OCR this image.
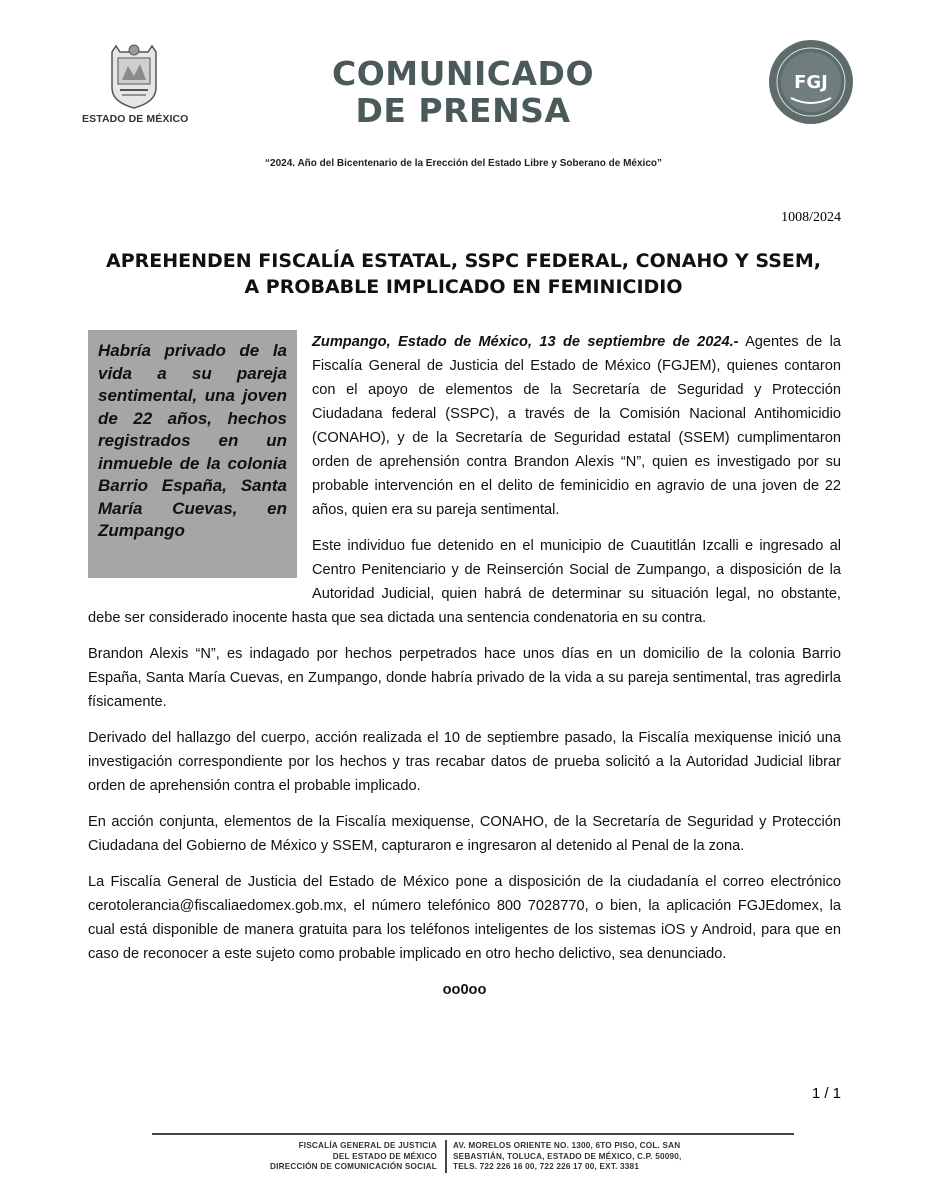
ESTADO DE MÉXICO
COMUNICADO
DE PRENSA
FGJ
“2024. Año del Bicentenario de la Erección del Estado Libre y Soberano de México”
1008/2024
APREHENDEN FISCALÍA ESTATAL, SSPC FEDERAL, CONAHO Y SSEM,
A PROBABLE IMPLICADO EN FEMINICIDIO
Habría privado de la vida a su pareja sentimental, una joven de 22 años, hechos registrados en un inmueble de la colonia Barrio España, Santa María Cuevas, en Zumpango

Zumpango, Estado de México, 13 de septiembre de 2024.- Agentes de la Fiscalía General de Justicia del Estado de México (FGJEM), quienes contaron con el apoyo de elementos de la Secretaría de Seguridad y Protección Ciudadana federal (SSPC), a través de la Comisión Nacional Antihomicidio (CONAHO), y de la Secretaría de Seguridad estatal (SSEM) cumplimentaron orden de aprehensión contra Brandon Alexis “N”, quien es investigado por su probable intervención en el delito de feminicidio en agravio de una joven de 22 años, quien era su pareja sentimental.

Este individuo fue detenido en el municipio de Cuautitlán Izcalli e ingresado al Centro Penitenciario y de Reinserción Social de Zumpango, a disposición de la Autoridad Judicial, quien habrá de determinar su situación legal, no obstante, debe ser considerado inocente hasta que sea dictada una sentencia condenatoria en su contra.

Brandon Alexis “N”, es indagado por hechos perpetrados hace unos días en un domicilio de la colonia Barrio España, Santa María Cuevas, en Zumpango, donde habría privado de la vida a su pareja sentimental, tras agredirla físicamente.

Derivado del hallazgo del cuerpo, acción realizada el 10 de septiembre pasado, la Fiscalía mexiquense inició una investigación correspondiente por los hechos y tras recabar datos de prueba solicitó a la Autoridad Judicial librar orden de aprehensión contra el probable implicado.

En acción conjunta, elementos de la Fiscalía mexiquense, CONAHO, de la Secretaría de Seguridad y Protección Ciudadana del Gobierno de México y SSEM, capturaron e ingresaron al detenido al Penal de la zona.

La Fiscalía General de Justicia del Estado de México pone a disposición de la ciudadanía el correo electrónico cerotolerancia@fiscaliaedomex.gob.mx, el número telefónico 800 7028770, o bien, la aplicación FGJEdomex, la cual está disponible de manera gratuita para los teléfonos inteligentes de los sistemas iOS y Android, para que en caso de reconocer a este sujeto como probable implicado en otro hecho delictivo, sea denunciado.

oo0oo

1 / 1
FISCALÍA GENERAL DE JUSTICIA
DEL ESTADO DE MÉXICO
DIRECCIÓN DE COMUNICACIÓN SOCIAL
AV. MORELOS ORIENTE NO. 1300, 6TO PISO, COL. SAN
SEBASTIÁN, TOLUCA, ESTADO DE MÉXICO, C.P. 50090,
TELS. 722 226 16 00, 722 226 17 00, EXT. 3381
